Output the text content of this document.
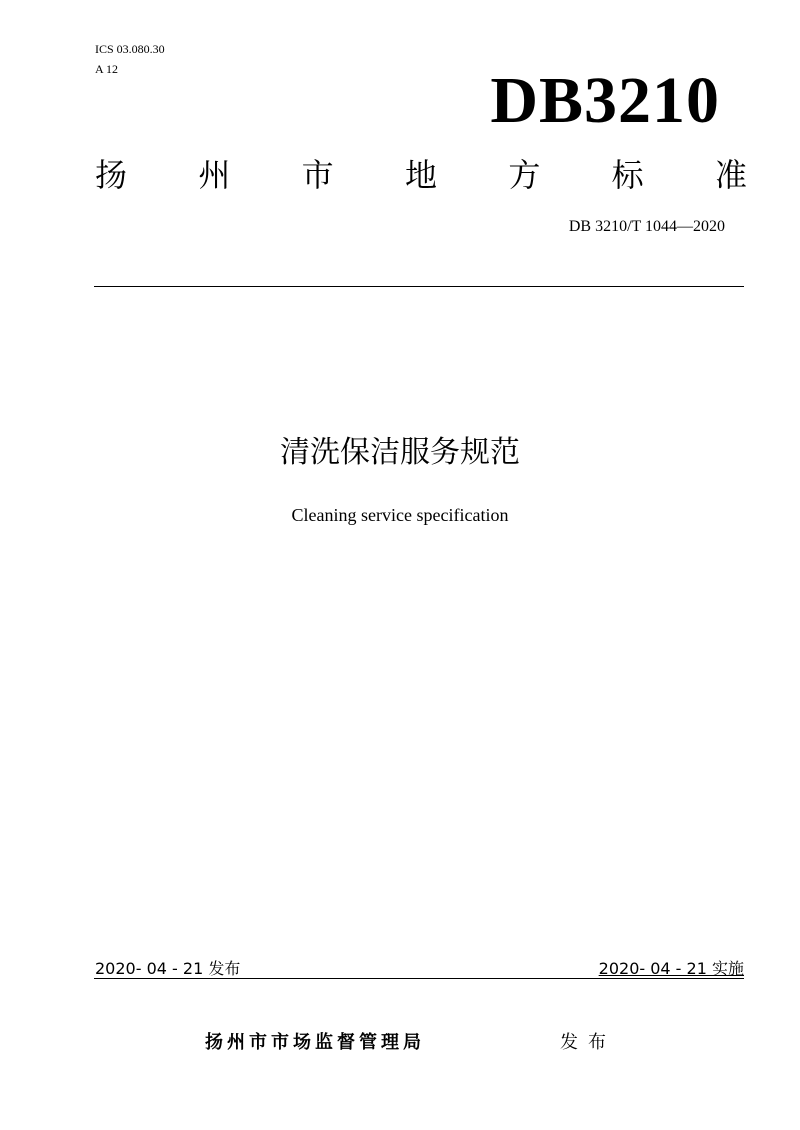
ICS 03.080.30
A 12	DB3210
扬 州 市 地 方 标 准
DB 3210/T 1044—2020
清洗保洁服务规范
Cleaning service specification
2020- 04 - 21 发布	2020- 04 - 21 实施
扬州市市场监督管理局	发布
